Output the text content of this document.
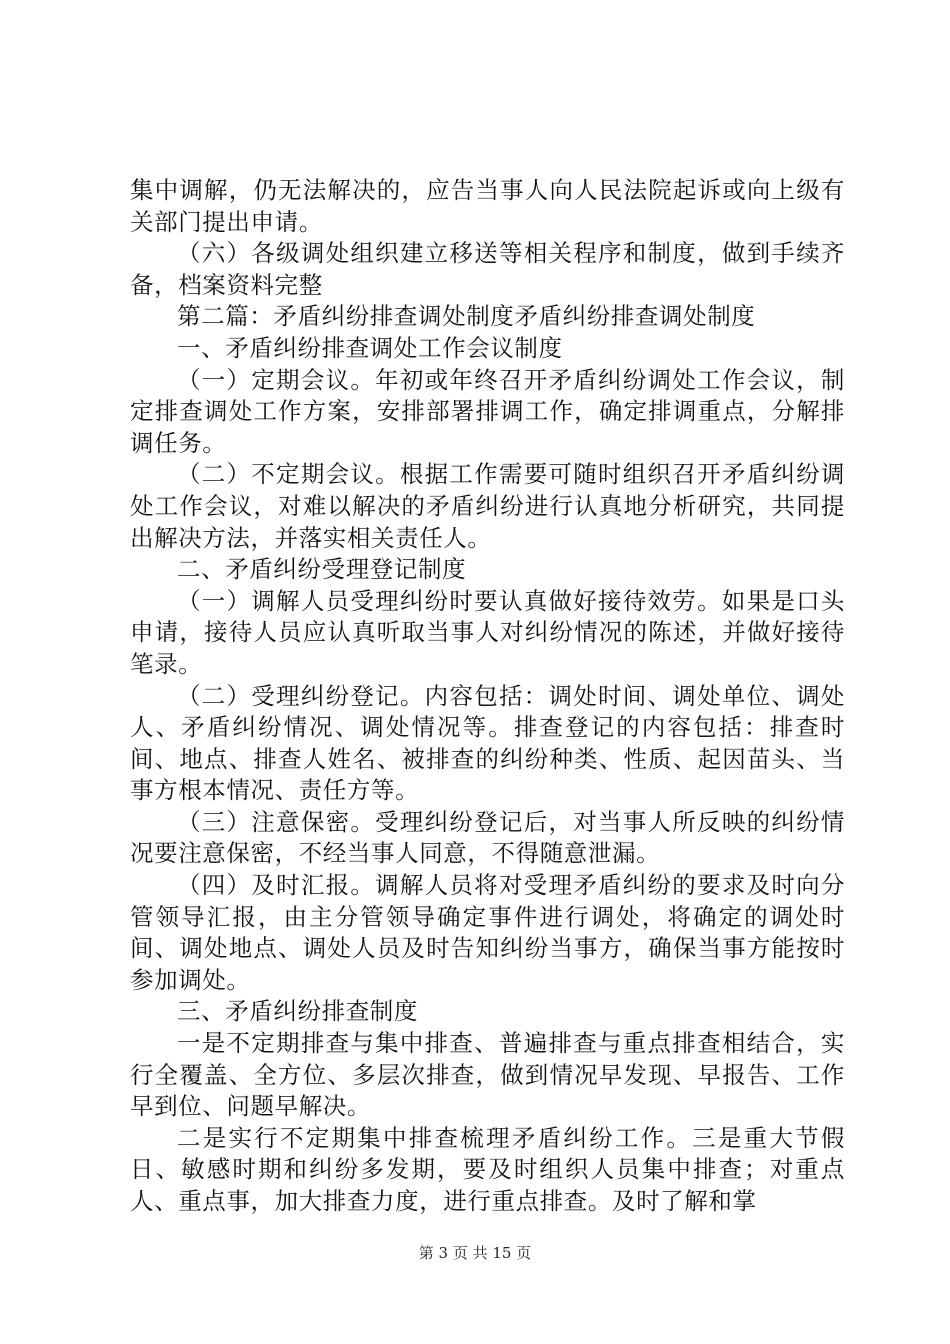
集中调解，仍无法解决的，应告当事人向人民法院起诉或向上级有关部门提出申请。

（六）各级调处组织建立移送等相关程序和制度，做到手续齐备，档案资料完整

第二篇：矛盾纠纷排查调处制度矛盾纠纷排查调处制度

一、矛盾纠纷排查调处工作会议制度

（一）定期会议。年初或年终召开矛盾纠纷调处工作会议，制定排查调处工作方案，安排部署排调工作，确定排调重点，分解排调任务。

（二）不定期会议。根据工作需要可随时组织召开矛盾纠纷调处工作会议，对难以解决的矛盾纠纷进行认真地分析研究，共同提出解决方法，并落实相关责任人。

二、矛盾纠纷受理登记制度

（一）调解人员受理纠纷时要认真做好接待效劳。如果是口头申请，接待人员应认真听取当事人对纠纷情况的陈述，并做好接待笔录。

（二）受理纠纷登记。内容包括：调处时间、调处单位、调处人、矛盾纠纷情况、调处情况等。排查登记的内容包括：排查时间、地点、排查人姓名、被排查的纠纷种类、性质、起因苗头、当事方根本情况、责任方等。

（三）注意保密。受理纠纷登记后，对当事人所反映的纠纷情况要注意保密，不经当事人同意，不得随意泄漏。

（四）及时汇报。调解人员将对受理矛盾纠纷的要求及时向分管领导汇报，由主分管领导确定事件进行调处，将确定的调处时间、调处地点、调处人员及时告知纠纷当事方，确保当事方能按时参加调处。

三、矛盾纠纷排查制度

一是不定期排查与集中排查、普遍排查与重点排查相结合，实行全覆盖、全方位、多层次排查，做到情况早发现、早报告、工作早到位、问题早解决。

二是实行不定期集中排查梳理矛盾纠纷工作。三是重大节假日、敏感时期和纠纷多发期，要及时组织人员集中排查；对重点人、重点事，加大排查力度，进行重点排查。及时了解和掌

第 3 页 共 15 页
